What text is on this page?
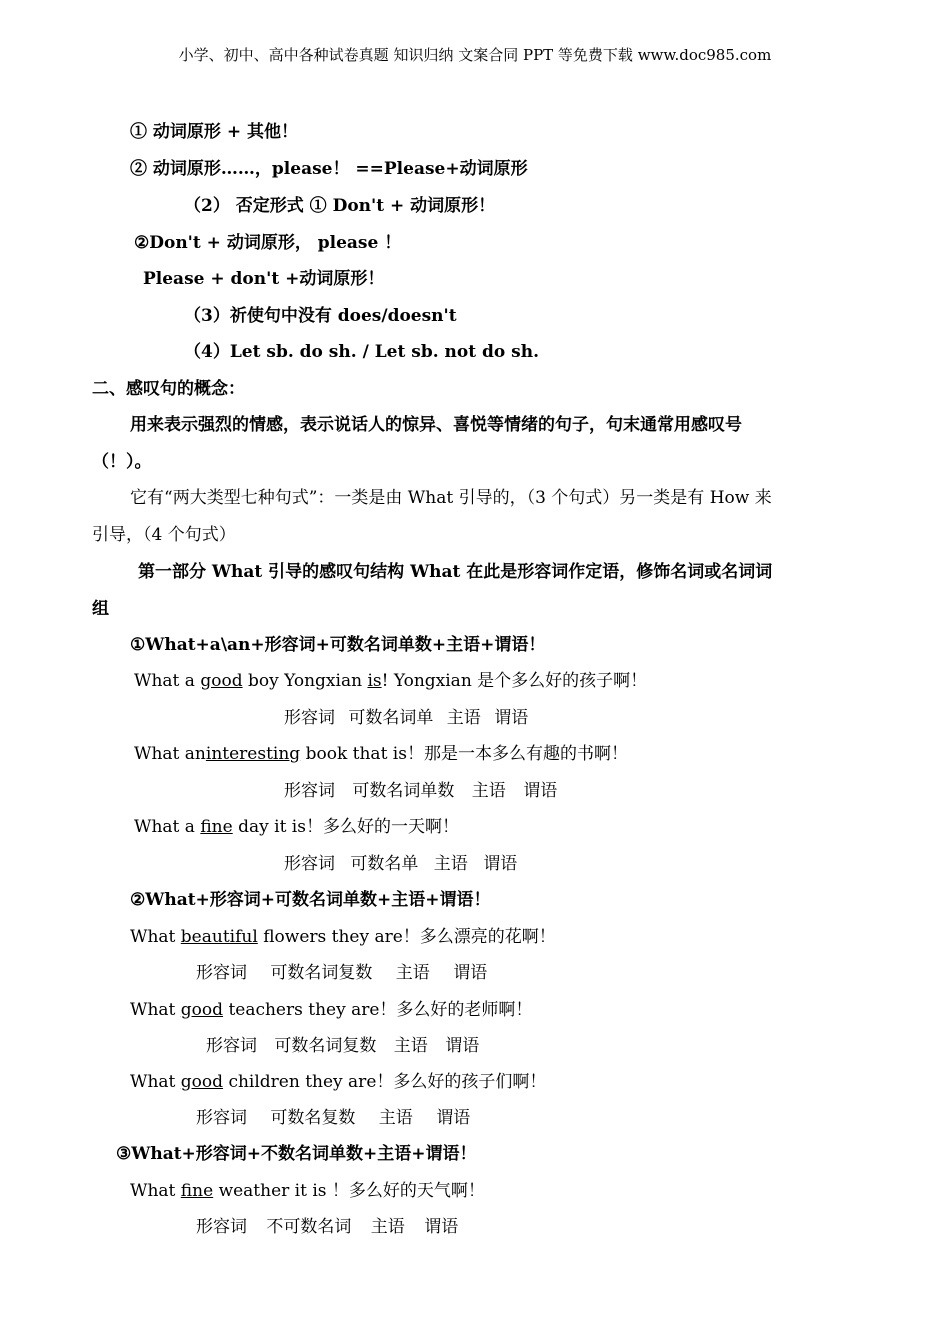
小学、初中、高中各种试卷真题 知识归纳 文案合同 PPT 等免费下载 www.doc985.com
① 动词原形 + 其他！
② 动词原形……，please！ ==Please+动词原形
（2） 否定形式 ① Don't + 动词原形！
②Don't + 动词原形， please ！
Please + don't +动词原形！
（3）祈使句中没有 does/doesn't
（4）Let sb. do sh. / Let sb. not do sh.
二、感叹句的概念：
用来表示强烈的情感，表示说话人的惊异、喜悦等情绪的句子，句末通常用感叹号
（！）。
它有“两大类型七种句式”：一类是由 What 引导的，（3 个句式）另一类是有 How 来
引导，（4 个句式）
第一部分 What 引导的感叹句结构 What 在此是形容词作定语，修饰名词或名词词
组
①What+a\an+形容词+可数名词单数+主语+谓语！
What a good boy Yongxian is! Yongxian 是个多么好的孩子啊！
形容词 可数名词单 主语 谓语
What aninteresting book that is！那是一本多么有趣的书啊！
形容词 可数名词单数 主语 谓语
What a fine day it is！多么好的一天啊！
形容词 可数名单 主语 谓语
②What+形容词+可数名词单数+主语+谓语！
What beautiful flowers they are！多么漂亮的花啊！
形容词 可数名词复数 主语 谓语
What good teachers they are！多么好的老师啊！
形容词 可数名词复数 主语 谓语
What good children they are！多么好的孩子们啊！
形容词 可数名复数 主语 谓语
③What+形容词+不数名词单数+主语+谓语！
What fine weather it is ！多么好的天气啊！
形容词 不可数名词 主语 谓语
